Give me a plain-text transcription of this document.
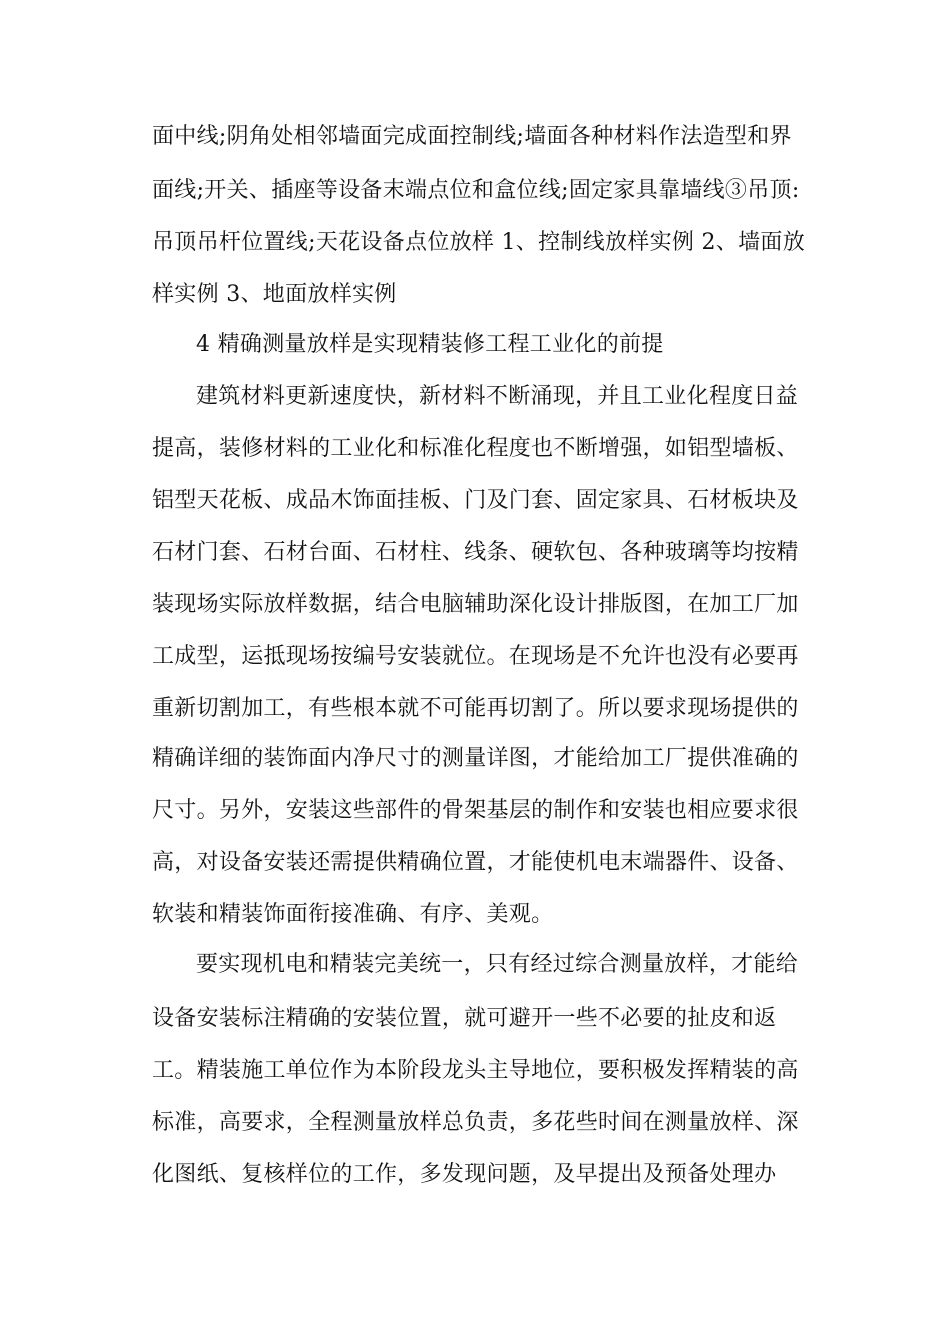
面中线;阴角处相邻墙面完成面控制线;墙面各种材料作法造型和界
面线;开关、插座等设备末端点位和盒位线;固定家具靠墙线③吊顶:
吊顶吊杆位置线;天花设备点位放样 1、控制线放样实例 2、墙面放
样实例 3、地面放样实例
4 精确测量放样是实现精装修工程工业化的前提
建筑材料更新速度快，新材料不断涌现，并且工业化程度日益
提高，装修材料的工业化和标准化程度也不断增强，如铝型墙板、
铝型天花板、成品木饰面挂板、门及门套、固定家具、石材板块及
石材门套、石材台面、石材柱、线条、硬软包、各种玻璃等均按精
装现场实际放样数据，结合电脑辅助深化设计排版图，在加工厂加
工成型，运抵现场按编号安装就位。在现场是不允许也没有必要再
重新切割加工，有些根本就不可能再切割了。所以要求现场提供的
精确详细的装饰面内净尺寸的测量详图，才能给加工厂提供准确的
尺寸。另外，安装这些部件的骨架基层的制作和安装也相应要求很
高，对设备安装还需提供精确位置，才能使机电末端器件、设备、
软装和精装饰面衔接准确、有序、美观。
要实现机电和精装完美统一，只有经过综合测量放样，才能给
设备安装标注精确的安装位置，就可避开一些不必要的扯皮和返
工。精装施工单位作为本阶段龙头主导地位，要积极发挥精装的高
标准，高要求，全程测量放样总负责，多花些时间在测量放样、深
化图纸、复核样位的工作，多发现问题，及早提出及预备处理办
